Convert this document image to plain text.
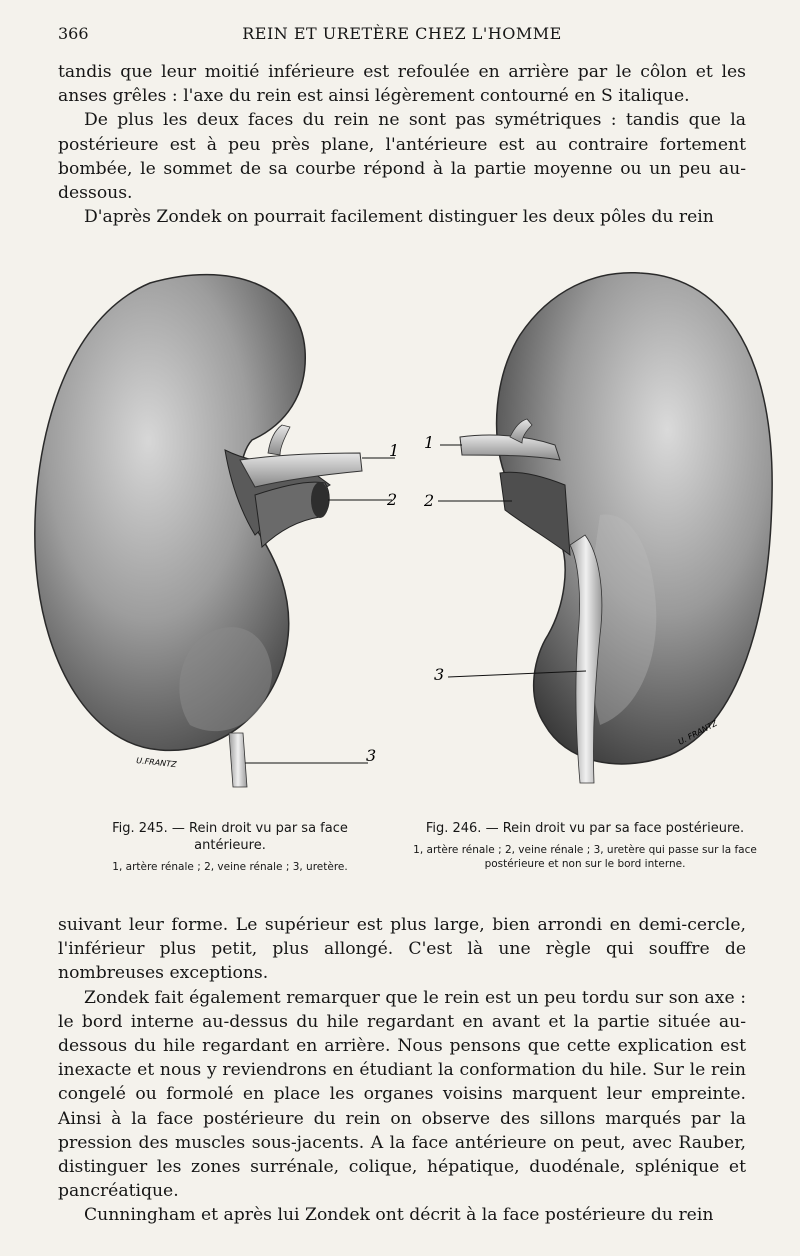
366	REIN ET URETÈRE CHEZ L'HOMME

tandis que leur moitié inférieure est refoulée en arrière par le côlon et les anses grêles : l'axe du rein est ainsi légèrement contourné en S italique.

De plus les deux faces du rein ne sont pas symétriques : tandis que la postérieure est à peu près plane, l'antérieure est au contraire fortement bombée, le sommet de sa courbe répond à la partie moyenne ou un peu au-dessous.

D'après Zondek on pourrait facilement distinguer les deux pôles du rein

1
2
3
U.FRANTZ
1
2
3
U. FRANTZ
Fig. 245. — Rein droit vu par sa face antérieure.
1, artère rénale ; 2, veine rénale ; 3, uretère.
Fig. 246. — Rein droit vu par sa face postérieure.
1, artère rénale ; 2, veine rénale ; 3, uretère qui passe sur la face postérieure et non sur le bord interne.

suivant leur forme. Le supérieur est plus large, bien arrondi en demi-cercle, l'inférieur plus petit, plus allongé. C'est là une règle qui souffre de nombreuses exceptions.

Zondek fait également remarquer que le rein est un peu tordu sur son axe : le bord interne au-dessus du hile regardant en avant et la partie située au-dessous du hile regardant en arrière. Nous pensons que cette explication est inexacte et nous y reviendrons en étudiant la conformation du hile. Sur le rein congelé ou formolé en place les organes voisins marquent leur empreinte. Ainsi à la face postérieure du rein on observe des sillons marqués par la pression des muscles sous-jacents. A la face antérieure on peut, avec Rauber, distinguer les zones surrénale, colique, hépatique, duodénale, splénique et pancréatique.

Cunningham et après lui Zondek ont décrit à la face postérieure du rein
